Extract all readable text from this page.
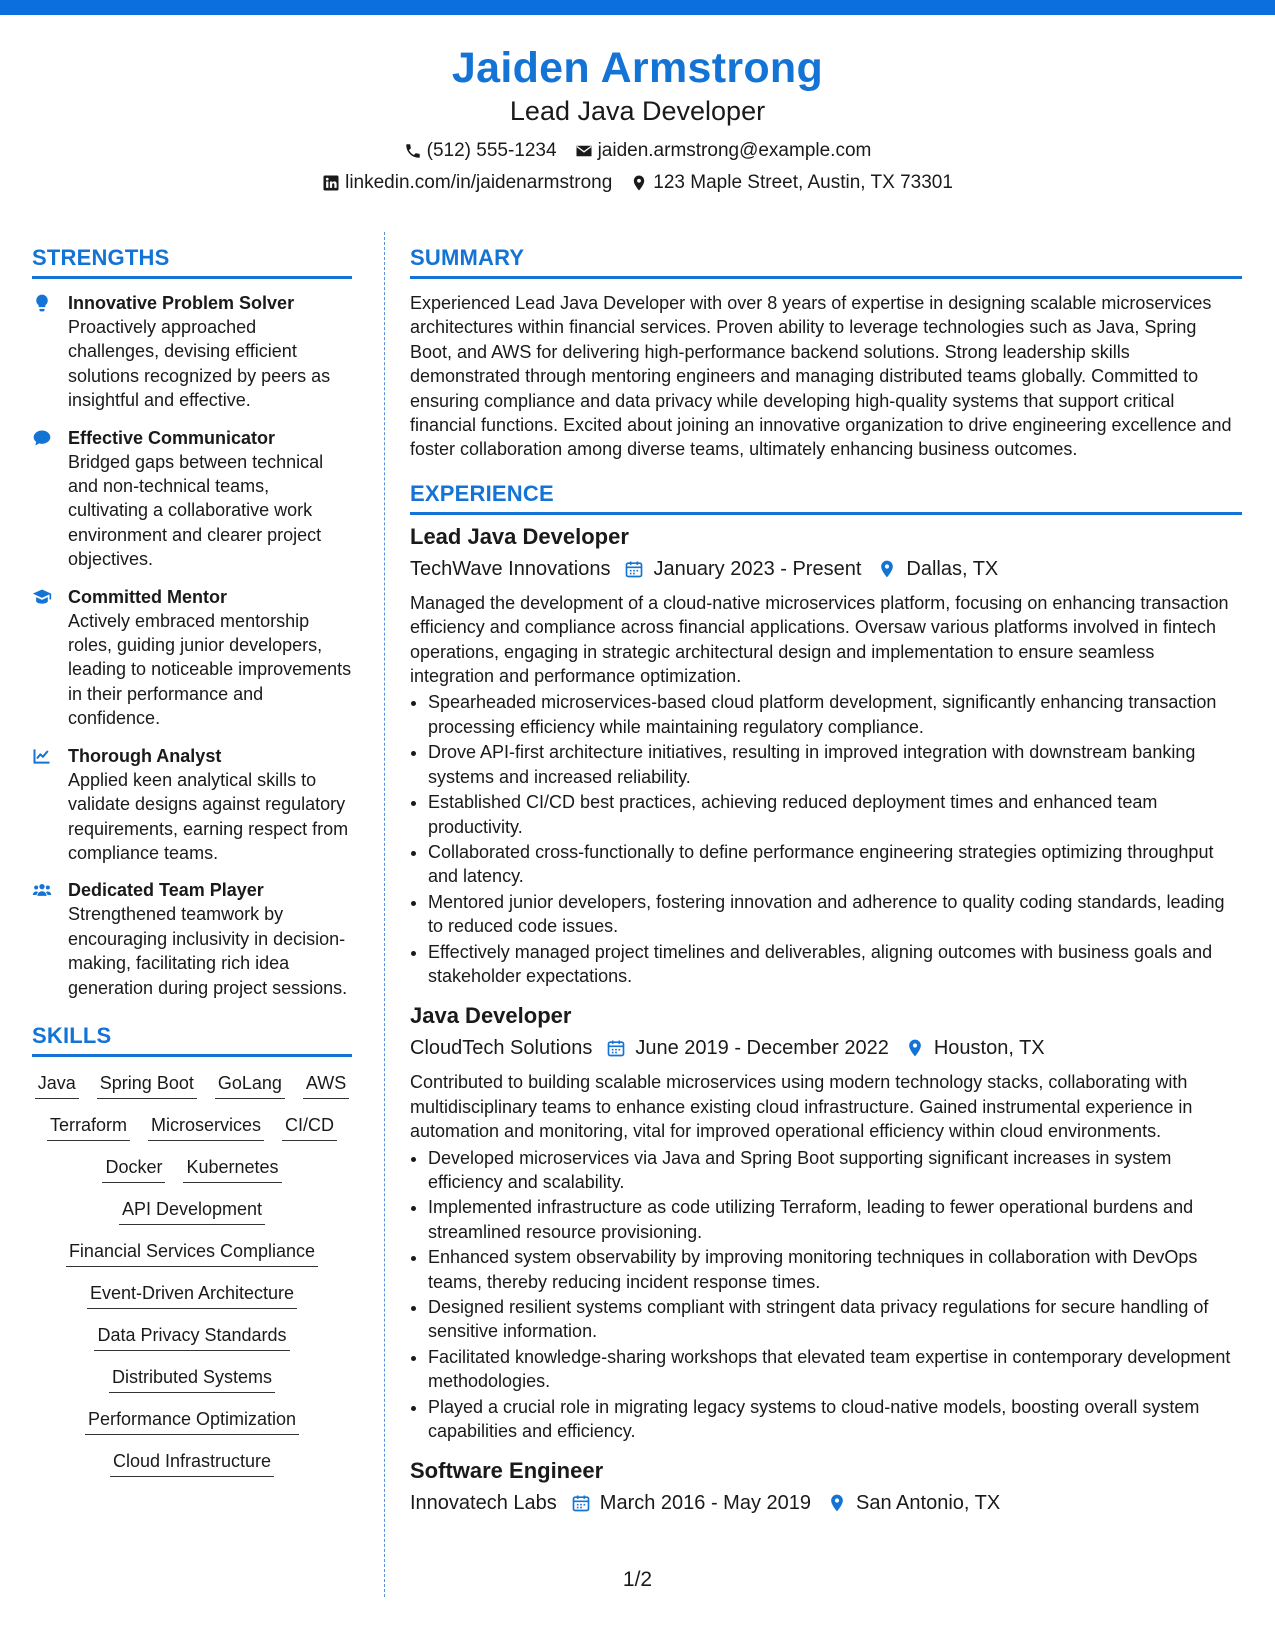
Jaiden Armstrong
Lead Java Developer
(512) 555-1234 jaiden.armstrong@example.com
linkedin.com/in/jaidenarmstrong 123 Maple Street, Austin, TX 73301
STRENGTHS
Innovative Problem Solver
Proactively approached challenges, devising efficient solutions recognized by peers as insightful and effective.
Effective Communicator
Bridged gaps between technical and non-technical teams, cultivating a collaborative work environment and clearer project objectives.
Committed Mentor
Actively embraced mentorship roles, guiding junior developers, leading to noticeable improvements in their performance and confidence.
Thorough Analyst
Applied keen analytical skills to validate designs against regulatory requirements, earning respect from compliance teams.
Dedicated Team Player
Strengthened teamwork by encouraging inclusivity in decision-making, facilitating rich idea generation during project sessions.
SKILLS
Java Spring Boot GoLang AWS
Terraform Microservices CI/CD
Docker Kubernetes
API Development
Financial Services Compliance
Event-Driven Architecture
Data Privacy Standards
Distributed Systems
Performance Optimization
Cloud Infrastructure
SUMMARY

Experienced Lead Java Developer with over 8 years of expertise in designing scalable microservices architectures within financial services. Proven ability to leverage technologies such as Java, Spring Boot, and AWS for delivering high-performance backend solutions. Strong leadership skills demonstrated through mentoring engineers and managing distributed teams globally. Committed to ensuring compliance and data privacy while developing high-quality systems that support critical financial functions. Excited about joining an innovative organization to drive engineering excellence and foster collaboration among diverse teams, ultimately enhancing business outcomes.

EXPERIENCE
Lead Java Developer
TechWave Innovations January 2023 - Present Dallas, TX

Managed the development of a cloud-native microservices platform, focusing on enhancing transaction efficiency and compliance across financial applications. Oversaw various platforms involved in fintech operations, engaging in strategic architectural design and implementation to ensure seamless integration and performance optimization.

• Spearheaded microservices-based cloud platform development, significantly enhancing transaction processing efficiency while maintaining regulatory compliance.
• Drove API-first architecture initiatives, resulting in improved integration with downstream banking systems and increased reliability.
• Established CI/CD best practices, achieving reduced deployment times and enhanced team productivity.
• Collaborated cross-functionally to define performance engineering strategies optimizing throughput and latency.
• Mentored junior developers, fostering innovation and adherence to quality coding standards, leading to reduced code issues.
• Effectively managed project timelines and deliverables, aligning outcomes with business goals and stakeholder expectations.
Java Developer
CloudTech Solutions June 2019 - December 2022 Houston, TX

Contributed to building scalable microservices using modern technology stacks, collaborating with multidisciplinary teams to enhance existing cloud infrastructure. Gained instrumental experience in automation and monitoring, vital for improved operational efficiency within cloud environments.

• Developed microservices via Java and Spring Boot supporting significant increases in system efficiency and scalability.
• Implemented infrastructure as code utilizing Terraform, leading to fewer operational burdens and streamlined resource provisioning.
• Enhanced system observability by improving monitoring techniques in collaboration with DevOps teams, thereby reducing incident response times.
• Designed resilient systems compliant with stringent data privacy regulations for secure handling of sensitive information.
• Facilitated knowledge-sharing workshops that elevated team expertise in contemporary development methodologies.
• Played a crucial role in migrating legacy systems to cloud-native models, boosting overall system capabilities and efficiency.
Software Engineer
Innovatech Labs March 2016 - May 2019 San Antonio, TX
1/2
